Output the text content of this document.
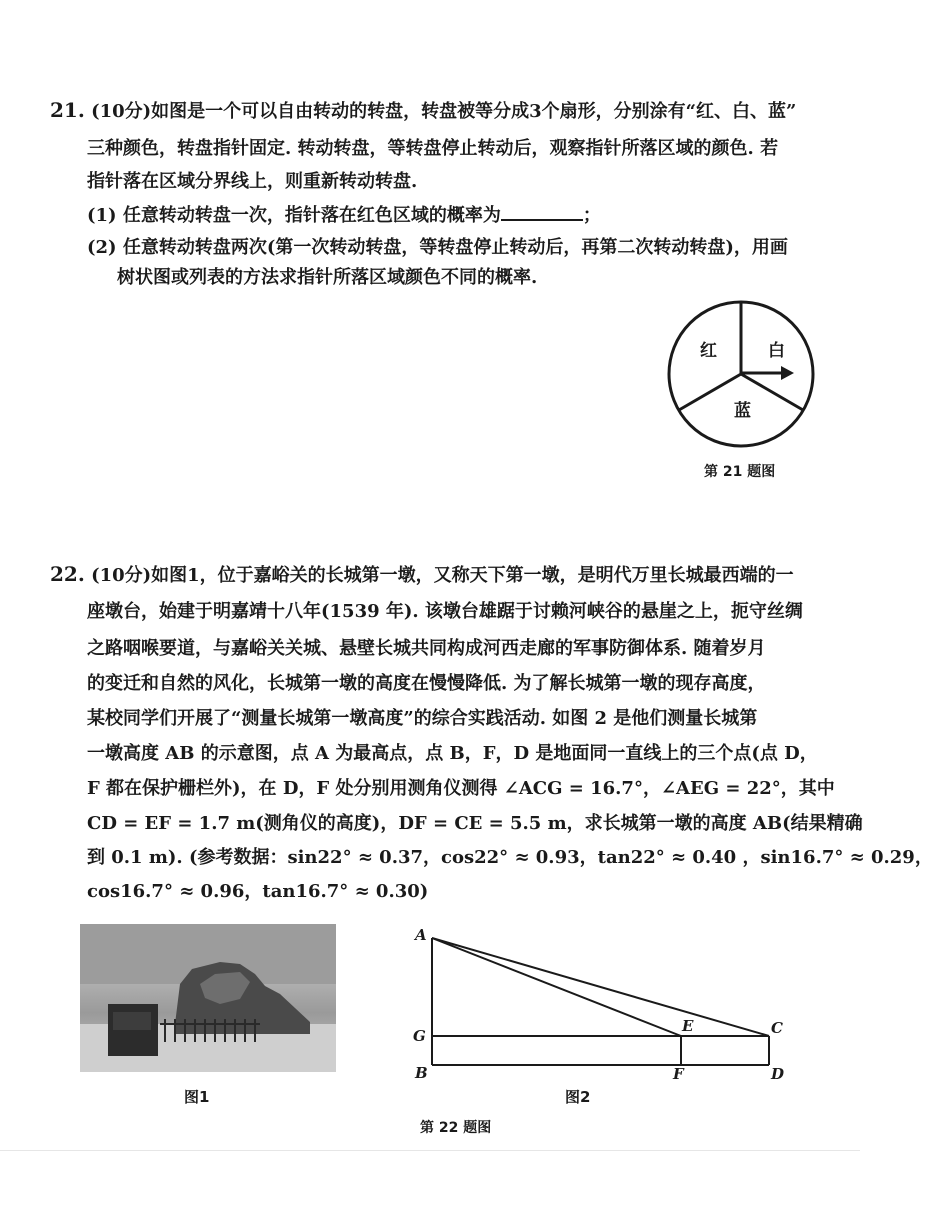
21. (10分)如图是一个可以自由转动的转盘，转盘被等分成3个扇形，分别涂有“红、白、蓝”
三种颜色，转盘指针固定. 转动转盘，等转盘停止转动后，观察指针所落区域的颜色. 若
指针落在区域分界线上，则重新转动转盘.
(1) 任意转动转盘一次，指针落在红色区域的概率为	；
(2) 任意转动转盘两次(第一次转动转盘，等转盘停止转动后，再第二次转动转盘)，用画
树状图或列表的方法求指针所落区域颜色不同的概率.
红	白
蓝
第 21 题图
22. (10分)如图1，位于嘉峪关的长城第一墩，又称天下第一墩，是明代万里长城最西端的一
座墩台，始建于明嘉靖十八年(1539 年). 该墩台雄踞于讨赖河峡谷的悬崖之上，扼守丝绸
之路咽喉要道，与嘉峪关关城、悬壁长城共同构成河西走廊的军事防御体系. 随着岁月
的变迁和自然的风化，长城第一墩的高度在慢慢降低. 为了解长城第一墩的现存高度，
某校同学们开展了“测量长城第一墩高度”的综合实践活动. 如图 2 是他们测量长城第
一墩高度 AB 的示意图，点 A 为最高点，点 B，F，D 是地面同一直线上的三个点(点 D，
F 都在保护栅栏外)，在 D，F 处分别用测角仪测得 ∠ACG = 16.7°，∠AEG = 22°，其中
CD = EF = 1.7 m(测角仪的高度)，DF = CE = 5.5 m，求长城第一墩的高度 AB(结果精确
到 0.1 m). (参考数据：sin22° ≈ 0.37，cos22° ≈ 0.93，tan22° ≈ 0.40 ，sin16.7° ≈ 0.29，
cos16.7° ≈ 0.96，tan16.7° ≈ 0.30)
图1
A
G
B
E
F
C
D
图2
第 22 题图
